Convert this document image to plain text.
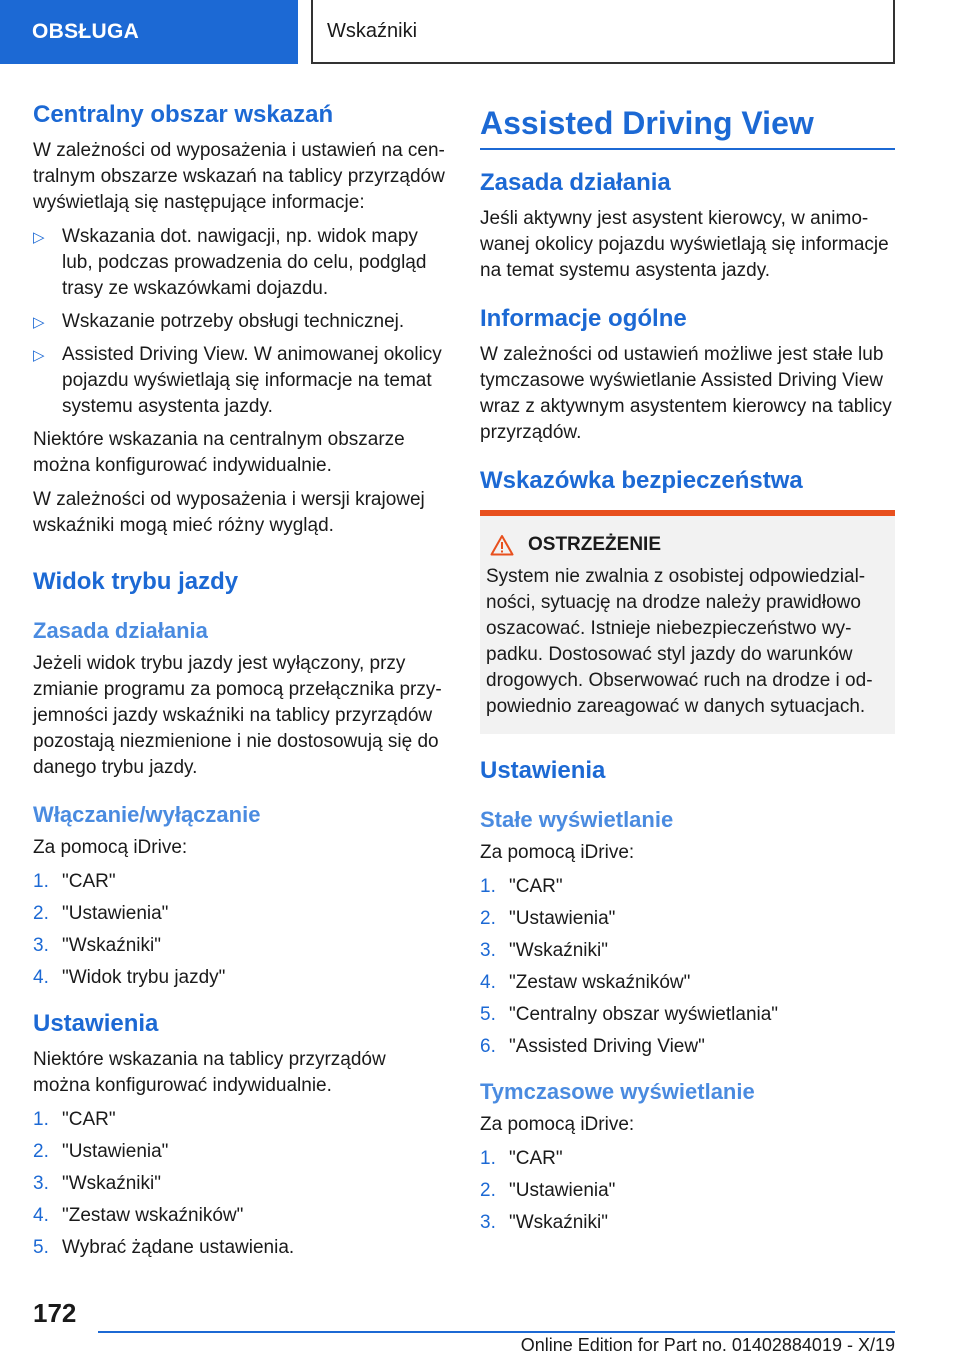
OBSŁUGA	Wskaźniki
Centralny obszar wskazań

W zależności od wyposażenia i ustawień na cen-tralnym obszarze wskazań na tablicy przyrządów wyświetlają się następujące informacje:

▷ Wskazania dot. nawigacji, np. widok mapy lub, podczas prowadzenia do celu, podgląd trasy ze wskazówkami dojazdu.
▷ Wskazanie potrzeby obsługi technicznej.
▷ Assisted Driving View. W animowanej okolicy pojazdu wyświetlają się informacje na temat systemu asystenta jazdy.

Niektóre wskazania na centralnym obszarze można konfigurować indywidualnie.

W zależności od wyposażenia i wersji krajowej wskaźniki mogą mieć różny wygląd.

Widok trybu jazdy
Zasada działania

Jeżeli widok trybu jazdy jest wyłączony, przy zmianie programu za pomocą przełącznika przy-jemności jazdy wskaźniki na tablicy przyrządów pozostają niezmienione i nie dostosowują się do danego trybu jazdy.

Włączanie/wyłączanie

Za pomocą iDrive:

1. "CAR"
2. "Ustawienia"
3. "Wskaźniki"
4. "Widok trybu jazdy"
Ustawienia

Niektóre wskazania na tablicy przyrządów można konfigurować indywidualnie.

1. "CAR"
2. "Ustawienia"
3. "Wskaźniki"
4. "Zestaw wskaźników"
5. Wybrać żądane ustawienia.
Assisted Driving View
Zasada działania

Jeśli aktywny jest asystent kierowcy, w animo-wanej okolicy pojazdu wyświetlają się informacje na temat systemu asystenta jazdy.

Informacje ogólne

W zależności od ustawień możliwe jest stałe lub tymczasowe wyświetlanie Assisted Driving View wraz z aktywnym asystentem kierowcy na tablicy przyrządów.

Wskazówka bezpieczeństwa
OSTRZEŻENIE

System nie zwalnia z osobistej odpowiedzial-ności, sytuację na drodze należy prawidłowo oszacować. Istnieje niebezpieczeństwo wy-padku. Dostosować styl jazdy do warunków drogowych. Obserwować ruch na drodze i od-powiednio zareagować w danych sytuacjach.

Ustawienia
Stałe wyświetlanie

Za pomocą iDrive:

1. "CAR"
2. "Ustawienia"
3. "Wskaźniki"
4. "Zestaw wskaźników"
5. "Centralny obszar wyświetlania"
6. "Assisted Driving View"
Tymczasowe wyświetlanie

Za pomocą iDrive:

1. "CAR"
2. "Ustawienia"
3. "Wskaźniki"
172
Online Edition for Part no. 01402884019 - X/19
